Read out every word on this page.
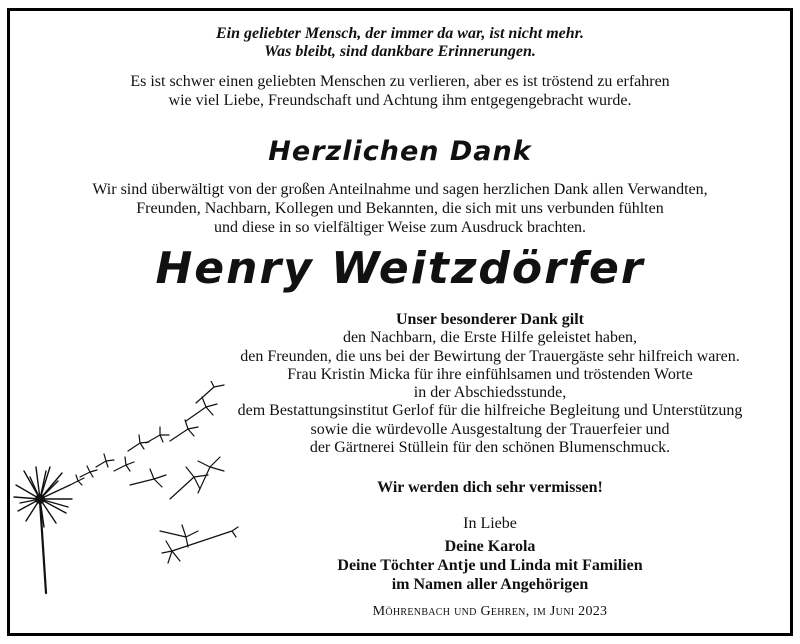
Ein geliebter Mensch, der immer da war, ist nicht mehr.
Was bleibt, sind dankbare Erinnerungen.
Es ist schwer einen geliebten Menschen zu verlieren, aber es ist tröstend zu erfahren
wie viel Liebe, Freundschaft und Achtung ihm entgegengebracht wurde.
Herzlichen Dank
Wir sind überwältigt von der großen Anteilnahme und sagen herzlichen Dank allen Verwandten,
Freunden, Nachbarn, Kollegen und Bekannten, die sich mit uns verbunden fühlten
und diese in so vielfältiger Weise zum Ausdruck brachten.
Henry Weitzdörfer
Unser besonderer Dank gilt
den Nachbarn, die Erste Hilfe geleistet haben,
den Freunden, die uns bei der Bewirtung der Trauergäste sehr hilfreich waren.
Frau Kristin Micka für ihre einfühlsamen und tröstenden Worte
in der Abschiedsstunde,
dem Bestattungsinstitut Gerlof für die hilfreiche Begleitung und Unterstützung
sowie die würdevolle Ausgestaltung der Trauerfeier und
der Gärtnerei Stüllein für den schönen Blumenschmuck.
Wir werden dich sehr vermissen!
In Liebe
Deine Karola
Deine Töchter Antje und Linda mit Familien
im Namen aller Angehörigen
Möhrenbach und Gehren, im Juni 2023
